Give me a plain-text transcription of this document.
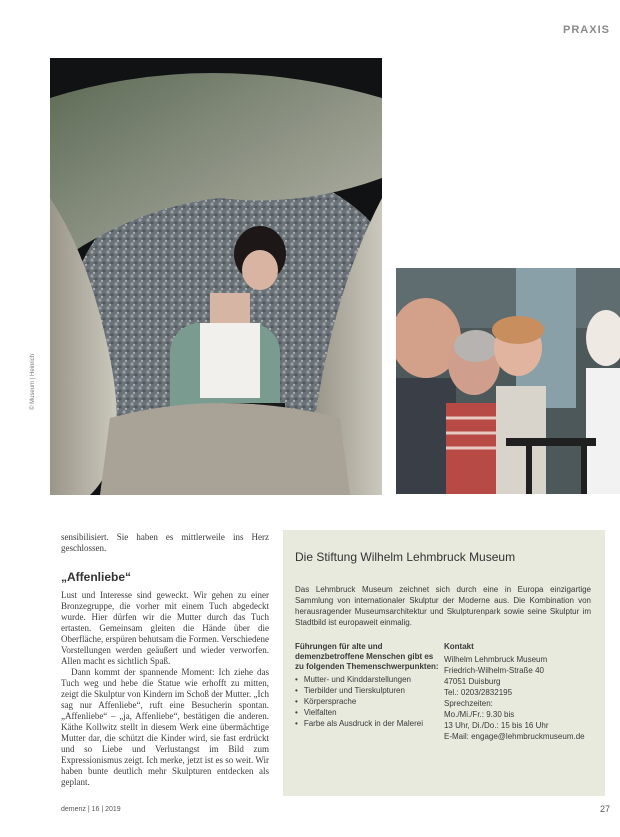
PRAXIS
© Museum | Heinrich

sensibilisiert. Sie haben es mittlerweile ins Herz geschlossen.

„Affenliebe“

Lust und Interesse sind geweckt. Wir gehen zu einer Bronzegruppe, die vorher mit einem Tuch abgedeckt wurde. Hier dürfen wir die Mutter durch das Tuch ertasten. Gemeinsam gleiten die Hände über die Oberfläche, erspüren behutsam die Formen. Verschiedene Vorstellungen werden geäußert und wieder verworfen. Allen macht es sichtlich Spaß.

Dann kommt der spannende Moment: Ich ziehe das Tuch weg und hebe die Statue wie erhofft zu mitten, zeigt die Skulptur von Kindern im Schoß der Mutter. „Ich sag nur Affenliebe“, ruft eine Besucherin spontan. „Affenliebe“ – „ja, Affenliebe“, bestätigen die anderen. Käthe Kollwitz stellt in diesem Werk eine übermächtige Mutter dar, die schützt die Kinder wird, sie fast erdrückt und so Liebe und Verlustangst im Bild zum Expressionismus zeigt. Ich merke, jetzt ist es so weit. Wir haben bunte deutlich mehr Skulpturen entdecken als geplant.

Die Stiftung Wilhelm Lehmbruck Museum

Das Lehmbruck Museum zeichnet sich durch eine in Europa einzigartige Sammlung von internationaler Skulptur der Moderne aus. Die Kombination von herausragender Museumsarchitektur und Skulpturenpark sowie seine Skulptur im Stadtbild ist europaweit einmalig.

Führungen für alte und demenzbetroffene Menschen gibt es zu folgenden Themenschwerpunkten:

• Mutter- und Kinddarstellungen
• Tierbilder und Tierskulpturen
• Körpersprache
• Vielfalten
• Farbe als Ausdruck in der Malerei

Kontakt

Wilhelm Lehmbruck Museum

Friedrich-Wilhelm-Straße 40

47051 Duisburg

Tel.: 0203/2832195

Sprechzeiten:

Mo./Mi./Fr.: 9.30 bis

13 Uhr, Di./Do.: 15 bis 16 Uhr

E-Mail: engage@lehmbruckmuseum.de

demenz | 16 | 2019	27
